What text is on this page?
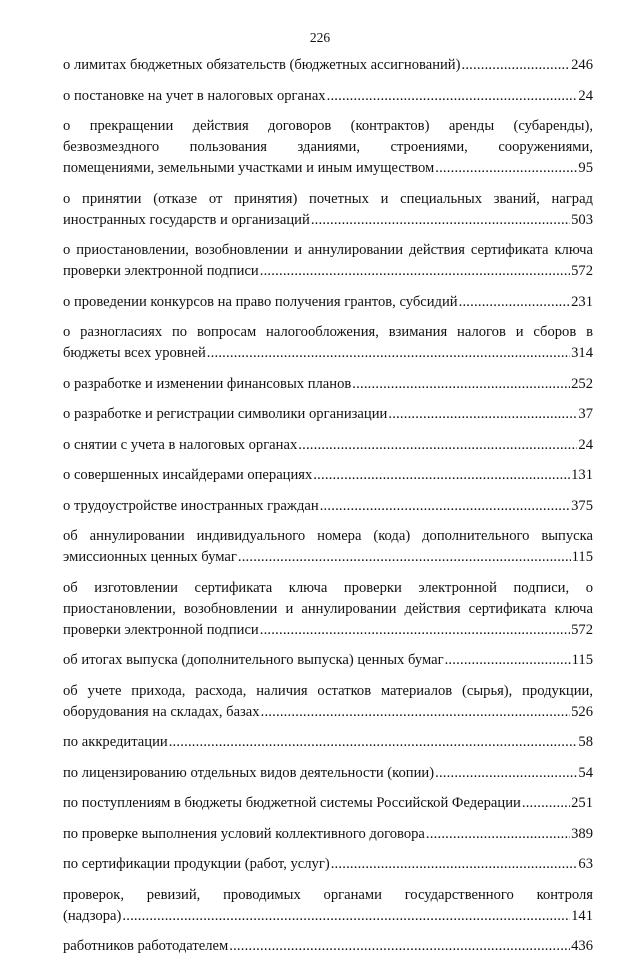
226
о лимитах бюджетных обязательств (бюджетных ассигнований) .....	246
о постановке на учет в налоговых органах .....	24
о прекращении действия договоров (контрактов) аренды (субаренды), безвозмездного пользования зданиями, строениями, сооружениями,
помещениями, земельными участками и иным имуществом .....	95
о принятии (отказе от принятия) почетных и специальных званий, наград
иностранных государств и организаций .....	503
о приостановлении, возобновлении и аннулировании действия сертификата ключа
проверки электронной подписи .....	572
о проведении конкурсов на право получения грантов, субсидий .....	231
о разногласиях по вопросам налогообложения, взимания налогов и сборов в
бюджеты всех уровней .....	314
о разработке и изменении финансовых планов .....	252
о разработке и регистрации символики организации .....	37
о снятии с учета в налоговых органах .....	24
о совершенных инсайдерами операциях .....	131
о трудоустройстве иностранных граждан .....	375
об аннулировании индивидуального номера (кода) дополнительного выпуска
эмиссионных ценных бумаг .....	115
об изготовлении сертификата ключа проверки электронной подписи, о приостановлении, возобновлении и аннулировании действия сертификата ключа
проверки электронной подписи .....	572
об итогах выпуска (дополнительного выпуска) ценных бумаг .....	115
об учете прихода, расхода, наличия остатков материалов (сырья), продукции,
оборудования на складах, базах .....	526
по аккредитации .....	58
по лицензированию отдельных видов деятельности (копии) .....	54
по поступлениям в бюджеты бюджетной системы Российской Федерации .....	251
по проверке выполнения условий коллективного договора .....	389
по сертификации продукции (работ, услуг) .....	63
проверок, ревизий, проводимых органами государственного контроля
(надзора) .....	141
работников работодателем .....	436
